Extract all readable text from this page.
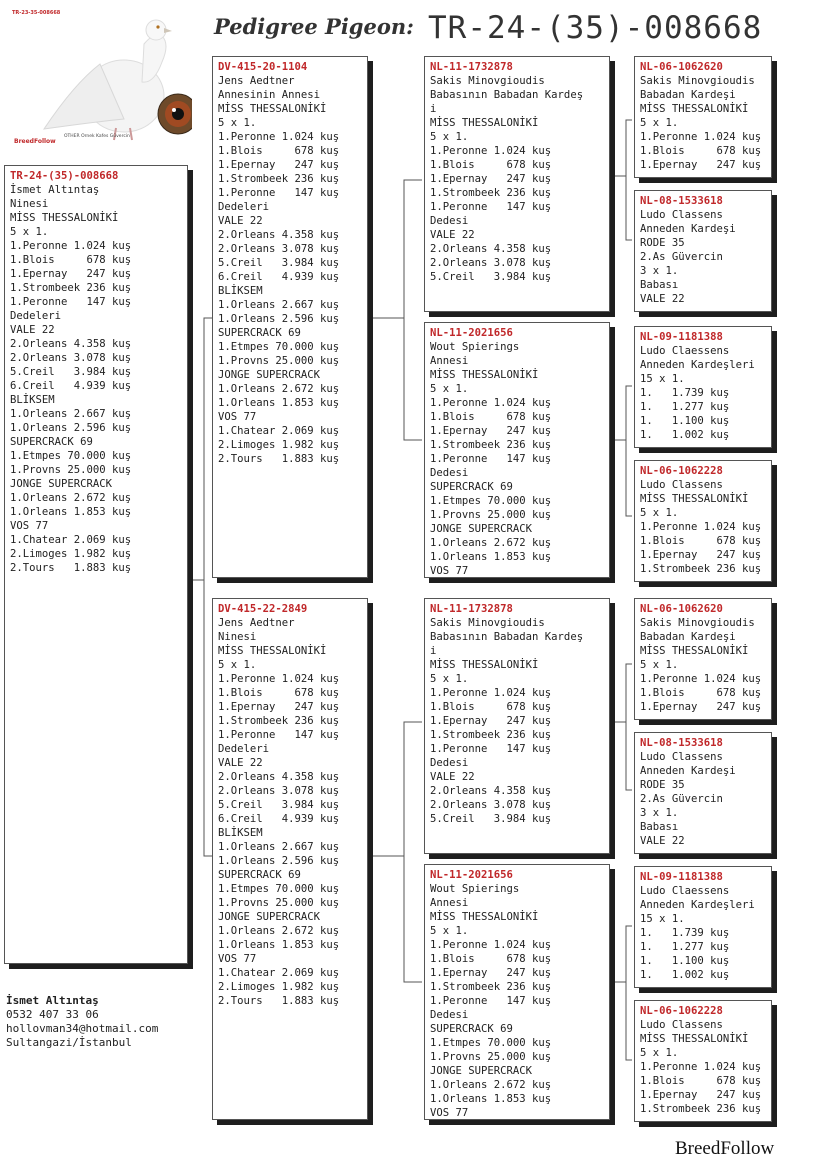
TR-23-35-008668
OTHER Ornek Kafes Güvercin
BreedFollow
Pedigree Pigeon: TR-24-(35)-008668
TR-24-(35)-008668
İsmet Altıntaş
Ninesi
MİSS THESSALONİKİ
5 x 1.
1.Peronne 1.024 kuş
1.Blois     678 kuş
1.Epernay   247 kuş
1.Strombeek 236 kuş
1.Peronne   147 kuş
Dedeleri
VALE 22
2.Orleans 4.358 kuş
2.Orleans 3.078 kuş
5.Creil   3.984 kuş
6.Creil   4.939 kuş
BLİKSEM
1.Orleans 2.667 kuş
1.Orleans 2.596 kuş
SUPERCRACK 69
1.Etmpes 70.000 kuş
1.Provns 25.000 kuş
JONGE SUPERCRACK
1.Orleans 2.672 kuş
1.Orleans 1.853 kuş
VOS 77
1.Chatear 2.069 kuş
2.Limoges 1.982 kuş
2.Tours   1.883 kuş
DV-415-20-1104
Jens Aedtner
Annesinin Annesi
MİSS THESSALONİKİ
5 x 1.
1.Peronne 1.024 kuş
1.Blois     678 kuş
1.Epernay   247 kuş
1.Strombeek 236 kuş
1.Peronne   147 kuş
Dedeleri
VALE 22
2.Orleans 4.358 kuş
2.Orleans 3.078 kuş
5.Creil   3.984 kuş
6.Creil   4.939 kuş
BLİKSEM
1.Orleans 2.667 kuş
1.Orleans 2.596 kuş
SUPERCRACK 69
1.Etmpes 70.000 kuş
1.Provns 25.000 kuş
JONGE SUPERCRACK
1.Orleans 2.672 kuş
1.Orleans 1.853 kuş
VOS 77
1.Chatear 2.069 kuş
2.Limoges 1.982 kuş
2.Tours   1.883 kuş
DV-415-22-2849
Jens Aedtner
Ninesi
MİSS THESSALONİKİ
5 x 1.
1.Peronne 1.024 kuş
1.Blois     678 kuş
1.Epernay   247 kuş
1.Strombeek 236 kuş
1.Peronne   147 kuş
Dedeleri
VALE 22
2.Orleans 4.358 kuş
2.Orleans 3.078 kuş
5.Creil   3.984 kuş
6.Creil   4.939 kuş
BLİKSEM
1.Orleans 2.667 kuş
1.Orleans 2.596 kuş
SUPERCRACK 69
1.Etmpes 70.000 kuş
1.Provns 25.000 kuş
JONGE SUPERCRACK
1.Orleans 2.672 kuş
1.Orleans 1.853 kuş
VOS 77
1.Chatear 2.069 kuş
2.Limoges 1.982 kuş
2.Tours   1.883 kuş
NL-11-1732878
Sakis Minovgioudis
Babasının Babadan Kardeş
i
MİSS THESSALONİKİ
5 x 1.
1.Peronne 1.024 kuş
1.Blois     678 kuş
1.Epernay   247 kuş
1.Strombeek 236 kuş
1.Peronne   147 kuş
Dedesi
VALE 22
2.Orleans 4.358 kuş
2.Orleans 3.078 kuş
5.Creil   3.984 kuş
NL-11-2021656
Wout Spierings
Annesi
MİSS THESSALONİKİ
5 x 1.
1.Peronne 1.024 kuş
1.Blois     678 kuş
1.Epernay   247 kuş
1.Strombeek 236 kuş
1.Peronne   147 kuş
Dedesi
SUPERCRACK 69
1.Etmpes 70.000 kuş
1.Provns 25.000 kuş
JONGE SUPERCRACK
1.Orleans 2.672 kuş
1.Orleans 1.853 kuş
VOS 77
NL-11-1732878
Sakis Minovgioudis
Babasının Babadan Kardeş
i
MİSS THESSALONİKİ
5 x 1.
1.Peronne 1.024 kuş
1.Blois     678 kuş
1.Epernay   247 kuş
1.Strombeek 236 kuş
1.Peronne   147 kuş
Dedesi
VALE 22
2.Orleans 4.358 kuş
2.Orleans 3.078 kuş
5.Creil   3.984 kuş
NL-11-2021656
Wout Spierings
Annesi
MİSS THESSALONİKİ
5 x 1.
1.Peronne 1.024 kuş
1.Blois     678 kuş
1.Epernay   247 kuş
1.Strombeek 236 kuş
1.Peronne   147 kuş
Dedesi
SUPERCRACK 69
1.Etmpes 70.000 kuş
1.Provns 25.000 kuş
JONGE SUPERCRACK
1.Orleans 2.672 kuş
1.Orleans 1.853 kuş
VOS 77
NL-06-1062620
Sakis Minovgioudis
Babadan Kardeşi
MİSS THESSALONİKİ
5 x 1.
1.Peronne 1.024 kuş
1.Blois     678 kuş
1.Epernay   247 kuş
NL-08-1533618
Ludo Classens
Anneden Kardeşi
RODE 35
2.As Güvercin
3 x 1.
Babası
VALE 22
NL-09-1181388
Ludo Claessens
Anneden Kardeşleri
15 x 1.
1.   1.739 kuş
1.   1.277 kuş
1.   1.100 kuş
1.   1.002 kuş
NL-06-1062228
Ludo Classens
MİSS THESSALONİKİ
5 x 1.
1.Peronne 1.024 kuş
1.Blois     678 kuş
1.Epernay   247 kuş
1.Strombeek 236 kuş
NL-06-1062620
Sakis Minovgioudis
Babadan Kardeşi
MİSS THESSALONİKİ
5 x 1.
1.Peronne 1.024 kuş
1.Blois     678 kuş
1.Epernay   247 kuş
NL-08-1533618
Ludo Classens
Anneden Kardeşi
RODE 35
2.As Güvercin
3 x 1.
Babası
VALE 22
NL-09-1181388
Ludo Claessens
Anneden Kardeşleri
15 x 1.
1.   1.739 kuş
1.   1.277 kuş
1.   1.100 kuş
1.   1.002 kuş
NL-06-1062228
Ludo Classens
MİSS THESSALONİKİ
5 x 1.
1.Peronne 1.024 kuş
1.Blois     678 kuş
1.Epernay   247 kuş
1.Strombeek 236 kuş

İsmet Altıntaş
0532 407 33 06
hollovman34@hotmail.com
Sultangazi/İstanbul

BreedFollow
